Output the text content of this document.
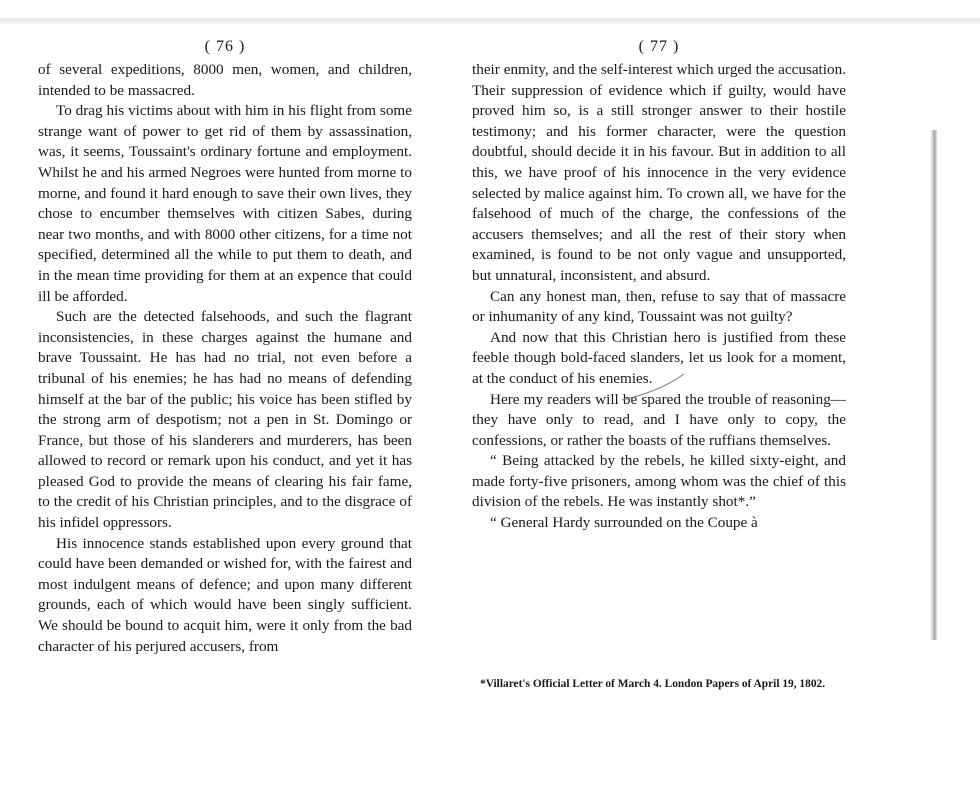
( 76 )

of several expeditions, 8000 men, women, and children, intended to be massacred.

To drag his victims about with him in his flight from some strange want of power to get rid of them by assassination, was, it seems, Toussaint's ordinary fortune and employment. Whilst he and his armed Negroes were hunted from morne to morne, and found it hard enough to save their own lives, they chose to encumber themselves with citizen Sabes, during near two months, and with 8000 other citizens, for a time not specified, determined all the while to put them to death, and in the mean time providing for them at an expence that could ill be afforded.

Such are the detected falsehoods, and such the flagrant inconsistencies, in these charges against the humane and brave Toussaint. He has had no trial, not even before a tribunal of his enemies; he has had no means of defending himself at the bar of the public; his voice has been stifled by the strong arm of despotism; not a pen in St. Domingo or France, but those of his slanderers and murderers, has been allowed to record or remark upon his conduct, and yet it has pleased God to provide the means of clearing his fair fame, to the credit of his Christian principles, and to the disgrace of his infidel oppressors.

His innocence stands established upon every ground that could have been demanded or wished for, with the fairest and most indulgent means of defence; and upon many different grounds, each of which would have been singly sufficient. We should be bound to acquit him, were it only from the bad character of his perjured accusers, from

( 77 )

their enmity, and the self-interest which urged the accusation. Their suppression of evidence which if guilty, would have proved him so, is a still stronger answer to their hostile testimony; and his former character, were the question doubtful, should decide it in his favour. But in addition to all this, we have proof of his innocence in the very evidence selected by malice against him. To crown all, we have for the falsehood of much of the charge, the confessions of the accusers themselves; and all the rest of their story when examined, is found to be not only vague and unsupported, but unnatural, inconsistent, and absurd.

Can any honest man, then, refuse to say that of massacre or inhumanity of any kind, Toussaint was not guilty?

And now that this Christian hero is justified from these feeble though bold-faced slanders, let us look for a moment, at the conduct of his enemies.

Here my readers will be spared the trouble of reasoning—they have only to read, and I have only to copy, the confessions, or rather the boasts of the ruffians themselves.

“ Being attacked by the rebels, he killed sixty-eight, and made forty-five prisoners, among whom was the chief of this division of the rebels. He was instantly shot*.”

“ General Hardy surrounded on the Coupe à

*Villaret's Official Letter of March 4. London Papers of April 19, 1802.
